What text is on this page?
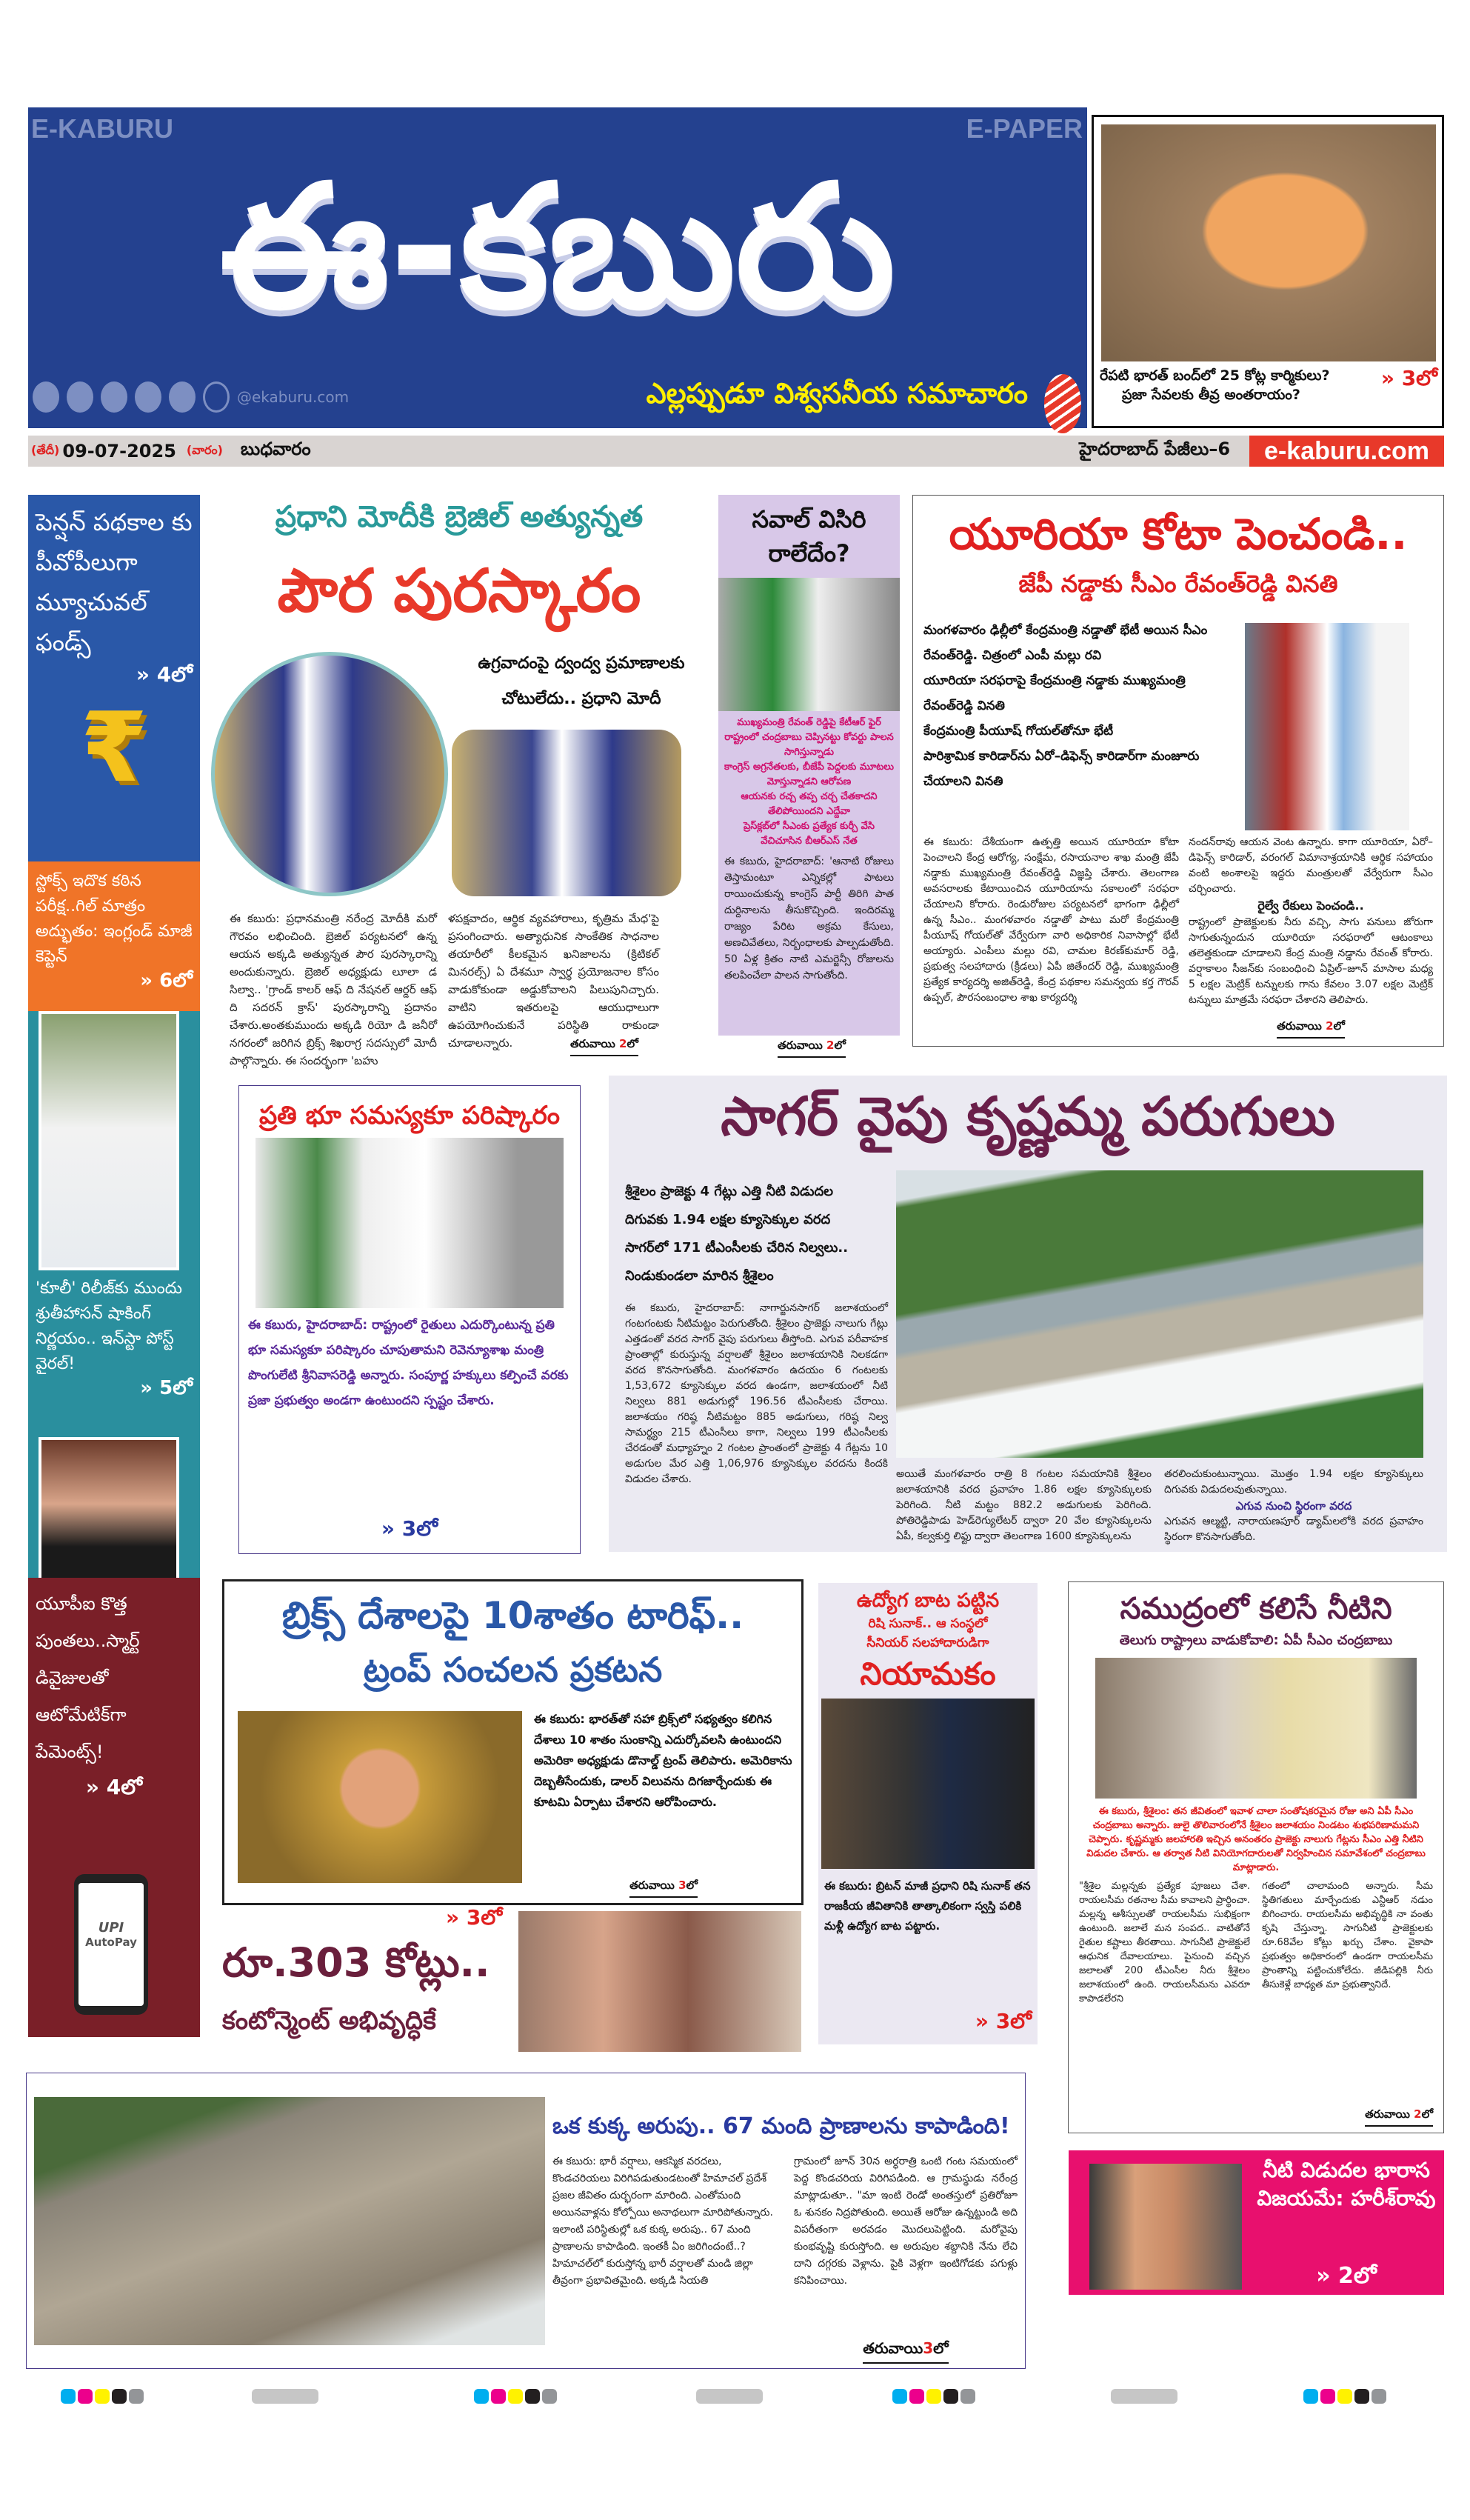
E-KABURU	E-PAPER
ఈ-కబురు
@ekaburu.com	ఎల్లప్పుడూ విశ్వసనీయ సమాచారం
రేపటి భారత్ బంద్‌లో 25 కోట్ల కార్మికులు?
ప్రజా సేవలకు తీవ్ర అంతరాయం?
» 3లో
(తేదీ) 09-07-2025 (వారం) బుధవారం	హైదరాబాద్ పేజీలు–6	e-kaburu.com
పెన్షన్ పథకాల కు పీవోపీలుగా మ్యూచువల్ ఫండ్స్
» 4లో
₹
స్టోక్స్ ఇదొక కఠిన పరీక్ష..గిల్ మాత్రం అద్భుతం: ఇంగ్లండ్ మాజీ కెప్టెన్
» 6లో
'కూలీ' రిలీజ్‌కు ముందు శ్రుతీహాసన్ షాకింగ్ నిర్ణయం.. ఇన్‌స్టా పోస్ట్ వైరల్!
» 5లో
యూపీఐ కొత్త పుంతలు..స్మార్ట్ డివైజులతో ఆటోమేటిక్‌గా పేమెంట్స్!
» 4లో
UPI
AutoPay
ప్రధాని మోదీకి బ్రెజిల్ అత్యున్నత
పౌర పురస్కారం
ఉగ్రవాదంపై ద్వంద్వ ప్రమాణాలకు
చోటులేదు.. ప్రధాని మోదీ

ఈ కబురు: ప్రధానమంత్రి నరేంద్ర మోదీకి మరో గౌరవం లభించింది. బ్రెజిల్ పర్యటనలో ఉన్న ఆయన అక్కడి అత్యున్నత పౌర పురస్కారాన్ని అందుకున్నారు. బ్రెజిల్ అధ్యక్షుడు లూలా డ సిల్వా.. 'గ్రాండ్ కాలర్ ఆఫ్ ది నేషనల్ ఆర్డర్ ఆఫ్ ది సదరన్ క్రాస్' పురస్కారాన్ని ప్రదానం చేశారు.అంతకుముందు అక్కడి రియో డి జనీరో నగరంలో జరిగిన బ్రిక్స్ శిఖరాగ్ర సదస్సులో మోదీ పాల్గొన్నారు. ఈ సందర్భంగా 'బహు

ళపక్షవాదం, ఆర్థిక వ్యవహారాలు, కృత్రిమ మేధ'పై ప్రసంగించారు. అత్యాధునిక సాంకేతిక సాధనాల తయారీలో కీలకమైన ఖనిజాలను (క్రిటికల్ మినరల్స్) ఏ దేశమూ స్వార్థ ప్రయోజనాల కోసం వాడుకోకుండా అడ్డుకోవాలని పిలుపునిచ్చారు. వాటిని ఇతరులపై ఆయుధాలుగా ఉపయోగించుకునే పరిస్థితి రాకుండా చూడాలన్నారు.	తరువాయి 2లో
సవాల్ విసిరి రాలేదేం?
ముఖ్యమంత్రి రేవంత్ రెడ్డిపై కేటీఆర్ ఫైర్
రాష్ట్రంలో చంద్రబాబు చెప్పినట్టు కోవర్టు పాలన సాగిస్తున్నాడు
కాంగ్రెస్ అగ్రనేతలకు, బీజేపీ పెద్దలకు మూటలు మోస్తున్నాడని ఆరోపణ
ఆయనకు రచ్చ తప్ప చర్చ చేతకాదని తేలిపోయిందని ఎద్దేవా
ప్రెస్‌క్లబ్‌లో సీఎంకు ప్రత్యేక కుర్చీ వేసి వేచిచూసిన బీఆర్ఎస్ నేత

ఈ కబురు, హైదరాబాద్: 'ఆనాటి రోజులు తెస్తామంటూ ఎన్నికల్లో పాటలు రాయించుకున్న కాంగ్రెస్ పార్టీ తిరిగి పాత దుర్దినాలను తీసుకొచ్చింది. ఇందిరమ్మ రాజ్యం పేరిట అక్రమ కేసులు, అణచివేతలు, నిర్బంధాలకు పాల్పడుతోంది. 50 ఏళ్ల క్రితం నాటి ఎమర్జెన్సీ రోజులను తలపించేలా పాలన సాగుతోంది.

తరువాయి 2లో
యూరియా కోటా పెంచండి..
జేపీ నడ్డాకు సీఎం రేవంత్‌రెడ్డి వినతి
మంగళవారం ఢిల్లీలో కేంద్రమంత్రి నడ్డాతో భేటీ అయిన సీఎం రేవంత్‌రెడ్డి. చిత్రంలో ఎంపీ మల్లు రవి
యూరియా సరఫరాపై కేంద్రమంత్రి నడ్డాకు ముఖ్యమంత్రి రేవంత్‌రెడ్డి వినతి
కేంద్రమంత్రి పీయూష్ గోయల్‌తోనూ భేటీ
పారిశ్రామిక కారిడార్‌ను ఏరో–డిఫెన్స్ కారిడార్‌గా మంజూరు చేయాలని వినతి

ఈ కబురు: దేశీయంగా ఉత్పత్తి అయిన యూరియా కోటా పెంచాలని కేంద్ర ఆరోగ్య, సంక్షేమ, రసాయనాల శాఖ మంత్రి జేపీ నడ్డాకు ముఖ్యమంత్రి రేవంత్‌రెడ్డి విజ్ఞప్తి చేశారు. తెలంగాణ అవసరాలకు కేటాయించిన యూరియాను సకాలంలో సరఫరా చేయాలని కోరారు. రెండురోజుల పర్యటనలో భాగంగా ఢిల్లీలో ఉన్న సీఎం.. మంగళవారం నడ్డాతో పాటు మరో కేంద్రమంత్రి పీయూష్ గోయల్‌తో వేర్వేరుగా వారి అధికారిక నివాసాల్లో భేటీ అయ్యారు. ఎంపీలు మల్లు రవి, చామల కిరణ్‌కుమార్ రెడ్డి, ప్రభుత్వ సలహాదారు (క్రీడలు) ఏపీ జితేందర్ రెడ్డి, ముఖ్యమంత్రి ప్రత్యేక కార్యదర్శి అజిత్‌రెడ్డి, కేంద్ర పథకాల సమన్వయ కర్త గౌరవ్ ఉప్పల్, పౌరసంబంధాల శాఖ కార్యదర్శి

నందన్‌రావు ఆయన వెంట ఉన్నారు. కాగా యూరియా, ఏరో–డిఫెన్స్ కారిడార్, వరంగల్ విమానాశ్రయానికి ఆర్థిక సహాయం వంటి అంశాలపై ఇద్దరు మంత్రులతో వేర్వేరుగా సీఎం చర్చించారు.

రైల్వే రేకులు పెంచండి..

రాష్ట్రంలో ప్రాజెక్టులకు నీరు వచ్చి, సాగు పనులు జోరుగా సాగుతున్నందున యూరియా సరఫరాలో ఆటంకాలు తలెత్తకుండా చూడాలని కేంద్ర మంత్రి నడ్డాను రేవంత్ కోరారు. వర్షాకాలం సీజన్‌కు సంబంధించి ఏప్రిల్–జూన్ మాసాల మధ్య 5 లక్షల మెట్రిక్ టన్నులకు గాను కేవలం 3.07 లక్షల మెట్రిక్ టన్నులు మాత్రమే సరఫరా చేశారని తెలిపారు.

తరువాయి 2లో
ప్రతి భూ సమస్యకూ పరిష్కారం

ఈ కబురు, హైదరాబాద్: రాష్ట్రంలో రైతులు ఎదుర్కొంటున్న ప్రతి భూ సమస్యకూ పరిష్కారం చూపుతామని రెవెన్యూశాఖ మంత్రి పొంగులేటి శ్రీనివాసరెడ్డి అన్నారు. సంపూర్ణ హక్కులు కల్పించే వరకు ప్రజా ప్రభుత్వం అండగా ఉంటుందని స్పష్టం చేశారు.

» 3లో
సాగర్ వైపు కృష్ణమ్మ పరుగులు
శ్రీశైలం ప్రాజెక్టు 4 గేట్లు ఎత్తి నీటి విడుదల
దిగువకు 1.94 లక్షల క్యూసెక్కుల వరద
సాగర్‌లో 171 టీఎంసీలకు చేరిన నిల్వలు..
నిండుకుండలా మారిన శ్రీశైలం

ఈ కబురు, హైదరాబాద్: నాగార్జునసాగర్ జలాశయంలో గంటగంటకు నీటిమట్టం పెరుగుతోంది. శ్రీశైలం ప్రాజెక్టు నాలుగు గేట్లు ఎత్తడంతో వరద సాగర్ వైపు పరుగులు తీస్తోంది. ఎగువ పరీవాహక ప్రాంతాల్లో కురుస్తున్న వర్షాలతో శ్రీశైలం జలాశయానికి నిలకడగా వరద కొనసాగుతోంది. మంగళవారం ఉదయం 6 గంటలకు 1,53,672 క్యూసెక్కుల వరద ఉండగా, జలాశయంలో నీటి నిల్వలు 881 అడుగుల్లో 196.56 టీఎంసీలకు చేరాయి. జలాశయం గరిష్ఠ నీటిమట్టం 885 అడుగులు, గరిష్ఠ నిల్వ సామర్థ్యం 215 టీఎంసీలు కాగా, నిల్వలు 199 టీఎంసీలకు చేరడంతో మధ్యాహ్నం 2 గంటల ప్రాంతంలో ప్రాజెక్టు 4 గేట్లను 10 అడుగుల మేర ఎత్తి 1,06,976 క్యూసెక్కుల వరదను కిందకి విడుదల చేశారు.	అయితే మంగళవారం రాత్రి 8 గంటల సమయానికి శ్రీశైలం జలాశయానికి వరద ప్రవాహం 1.86 లక్షల క్యూసెక్కులకు పెరిగింది. నీటి మట్టం 882.2 అడుగులకు పెరిగింది. పోతిరెడ్డిపాడు హెడ్‌రెగ్యులేటర్ ద్వారా 20 వేల క్యూసెక్కులను ఏపీ, కల్వకుర్తి లిఫ్టు ద్వారా తెలంగాణ 1600 క్యూసెక్కులను

తరలించుకుంటున్నాయి. మొత్తం 1.94 లక్షల క్యూసెక్కులు దిగువకు విడుదలవుతున్నాయి.

ఎగువ నుంచి స్థిరంగా వరద

ఎగువన ఆల్మట్టి, నారాయణపూర్ డ్యామ్‌లలోకి వరద ప్రవాహం స్థిరంగా కొనసాగుతోంది.

బ్రిక్స్ దేశాలపై 10శాతం టారిఫ్..
ట్రంప్ సంచలన ప్రకటన

ఈ కబురు: భారత్‌తో సహా బ్రిక్స్‌లో సభ్యత్వం కలిగిన దేశాలు 10 శాతం సుంకాన్ని ఎదుర్కోవలసి ఉంటుందని అమెరికా అధ్యక్షుడు డొనాల్డ్ ట్రంప్ తెలిపారు. అమెరికాను దెబ్బతీసేందుకు, డాలర్ విలువను దిగజార్చేందుకు ఈ కూటమి ఏర్పాటు చేశారని ఆరోపించారు.

తరువాయి 3లో
ఉద్యోగ బాట పట్టిన
రిషి సునాక్.. ఆ సంస్థలో
సీనియర్ సలహాదారుడిగా
నియామకం

ఈ కబురు: బ్రిటన్ మాజీ ప్రధాని రిషి సునాక్ తన రాజకీయ జీవితానికి తాత్కాలికంగా స్వస్తి పలికి మళ్లీ ఉద్యోగ బాట పట్టారు.

» 3లో
» 3లో
రూ.303 కోట్లు..
కంటోన్మెంట్ అభివృద్ధికే
సముద్రంలో కలిసే నీటిని
తెలుగు రాష్ట్రాలు వాడుకోవాలి: ఏపీ సీఎం చంద్రబాబు

ఈ కబురు, శ్రీశైలం: తన జీవితంలో ఇవాళ చాలా సంతోషకరమైన రోజు అని ఏపీ సీఎం చంద్రబాబు అన్నారు. జులై తొలివారంలోనే శ్రీశైలం జలాశయం నిండటం శుభపరిణామమని చెప్పారు. కృష్ణమ్మకు జలహారతి ఇచ్చిన అనంతరం ప్రాజెక్టు నాలుగు గేట్లను సీఎం ఎత్తి నీటిని విడుదల చేశారు. ఆ తర్వాత నీటి వినియోగదారులతో నిర్వహించిన సమావేశంలో చంద్రబాబు మాట్లాడారు.

"శ్రీశైల మల్లన్నకు ప్రత్యేక పూజలు చేశా. రాయలసీమ రతనాల సీమ కావాలని ప్రార్థించా. మల్లన్న ఆశీస్సులతో రాయలసీమ సుభిక్షంగా ఉంటుంది. జలాలే మన సంపద.. వాటితోనే రైతుల కష్టాలు తీరతాయి. సాగునీటి ప్రాజెక్టులే ఆధునిక దేవాలయాలు. పైనుంచి వచ్చిన జలాలతో 200 టీఎంసీల నీరు శ్రీశైలం జలాశయంలో ఉంది. రాయలసీమను ఎవరూ కాపాడలేరని

గతంలో చాలామంది అన్నారు. సీమ స్థితిగతులు మార్చేందుకు ఎన్టీఆర్ నడుం బిగించారు. రాయలసీమ అభివృద్ధికి నా వంతు కృషి చేస్తున్నా. సాగునీటి ప్రాజెక్టులకు రూ.68వేల కోట్లు ఖర్చు చేశాం. వైకాపా ప్రభుత్వం అధికారంలో ఉండగా రాయలసీమ ప్రాంతాన్ని పట్టించుకోలేదు. జీడిపల్లికి నీరు తీసుకెళ్లే బాధ్యత మా ప్రభుత్వానిదే.

తరువాయి 2లో
ఒక కుక్క అరుపు.. 67 మంది ప్రాణాలను కాపాడింది!

ఈ కబురు: భారీ వర్షాలు, ఆకస్మిక వరదలు, కొండచరియలు విరిగిపడుతుండటంతో హిమాచల్ ప్రదేశ్ ప్రజల జీవితం దుర్భరంగా మారింది. ఎంతోమంది అయినవాళ్లను కోల్పోయి అనాథలుగా మారిపోతున్నారు. ఇలాంటి పరిస్థితుల్లో ఒక కుక్క అరుపు.. 67 మంది ప్రాణాలను కాపాడింది. ఇంతకీ ఏం జరిగిందంటే..? హిమాచల్‌లో కురుస్తోన్న భారీ వర్షాలతో మండి జిల్లా తీవ్రంగా ప్రభావితమైంది. అక్కడి సియతి

గ్రామంలో జూన్ 30న అర్ధరాత్రి ఒంటి గంట సమయంలో పెద్ద కొండచరియ విరిగిపడింది. ఆ గ్రామస్థుడు నరేంద్ర మాట్లాడుతూ.. "మా ఇంటి రెండో అంతస్తులో ప్రతిరోజూ ఓ శునకం నిద్రపోతుంది. అయితే ఆరోజు ఉన్నట్టుండి అది విపరీతంగా అరవడం మొదలుపెట్టింది. మరోవైపు కుంభవృష్టి కురుస్తోంది. ఆ అరుపుల శబ్దానికి నేను లేచి దాని దగ్గరకు వెళ్లాను. పైకి వెళ్లగా ఇంటిగోడకు పగుళ్లు కనిపించాయి.

తరువాయి3లో
నీటి విడుదల భారాస విజయమే: హరీశ్‌రావు
» 2లో
